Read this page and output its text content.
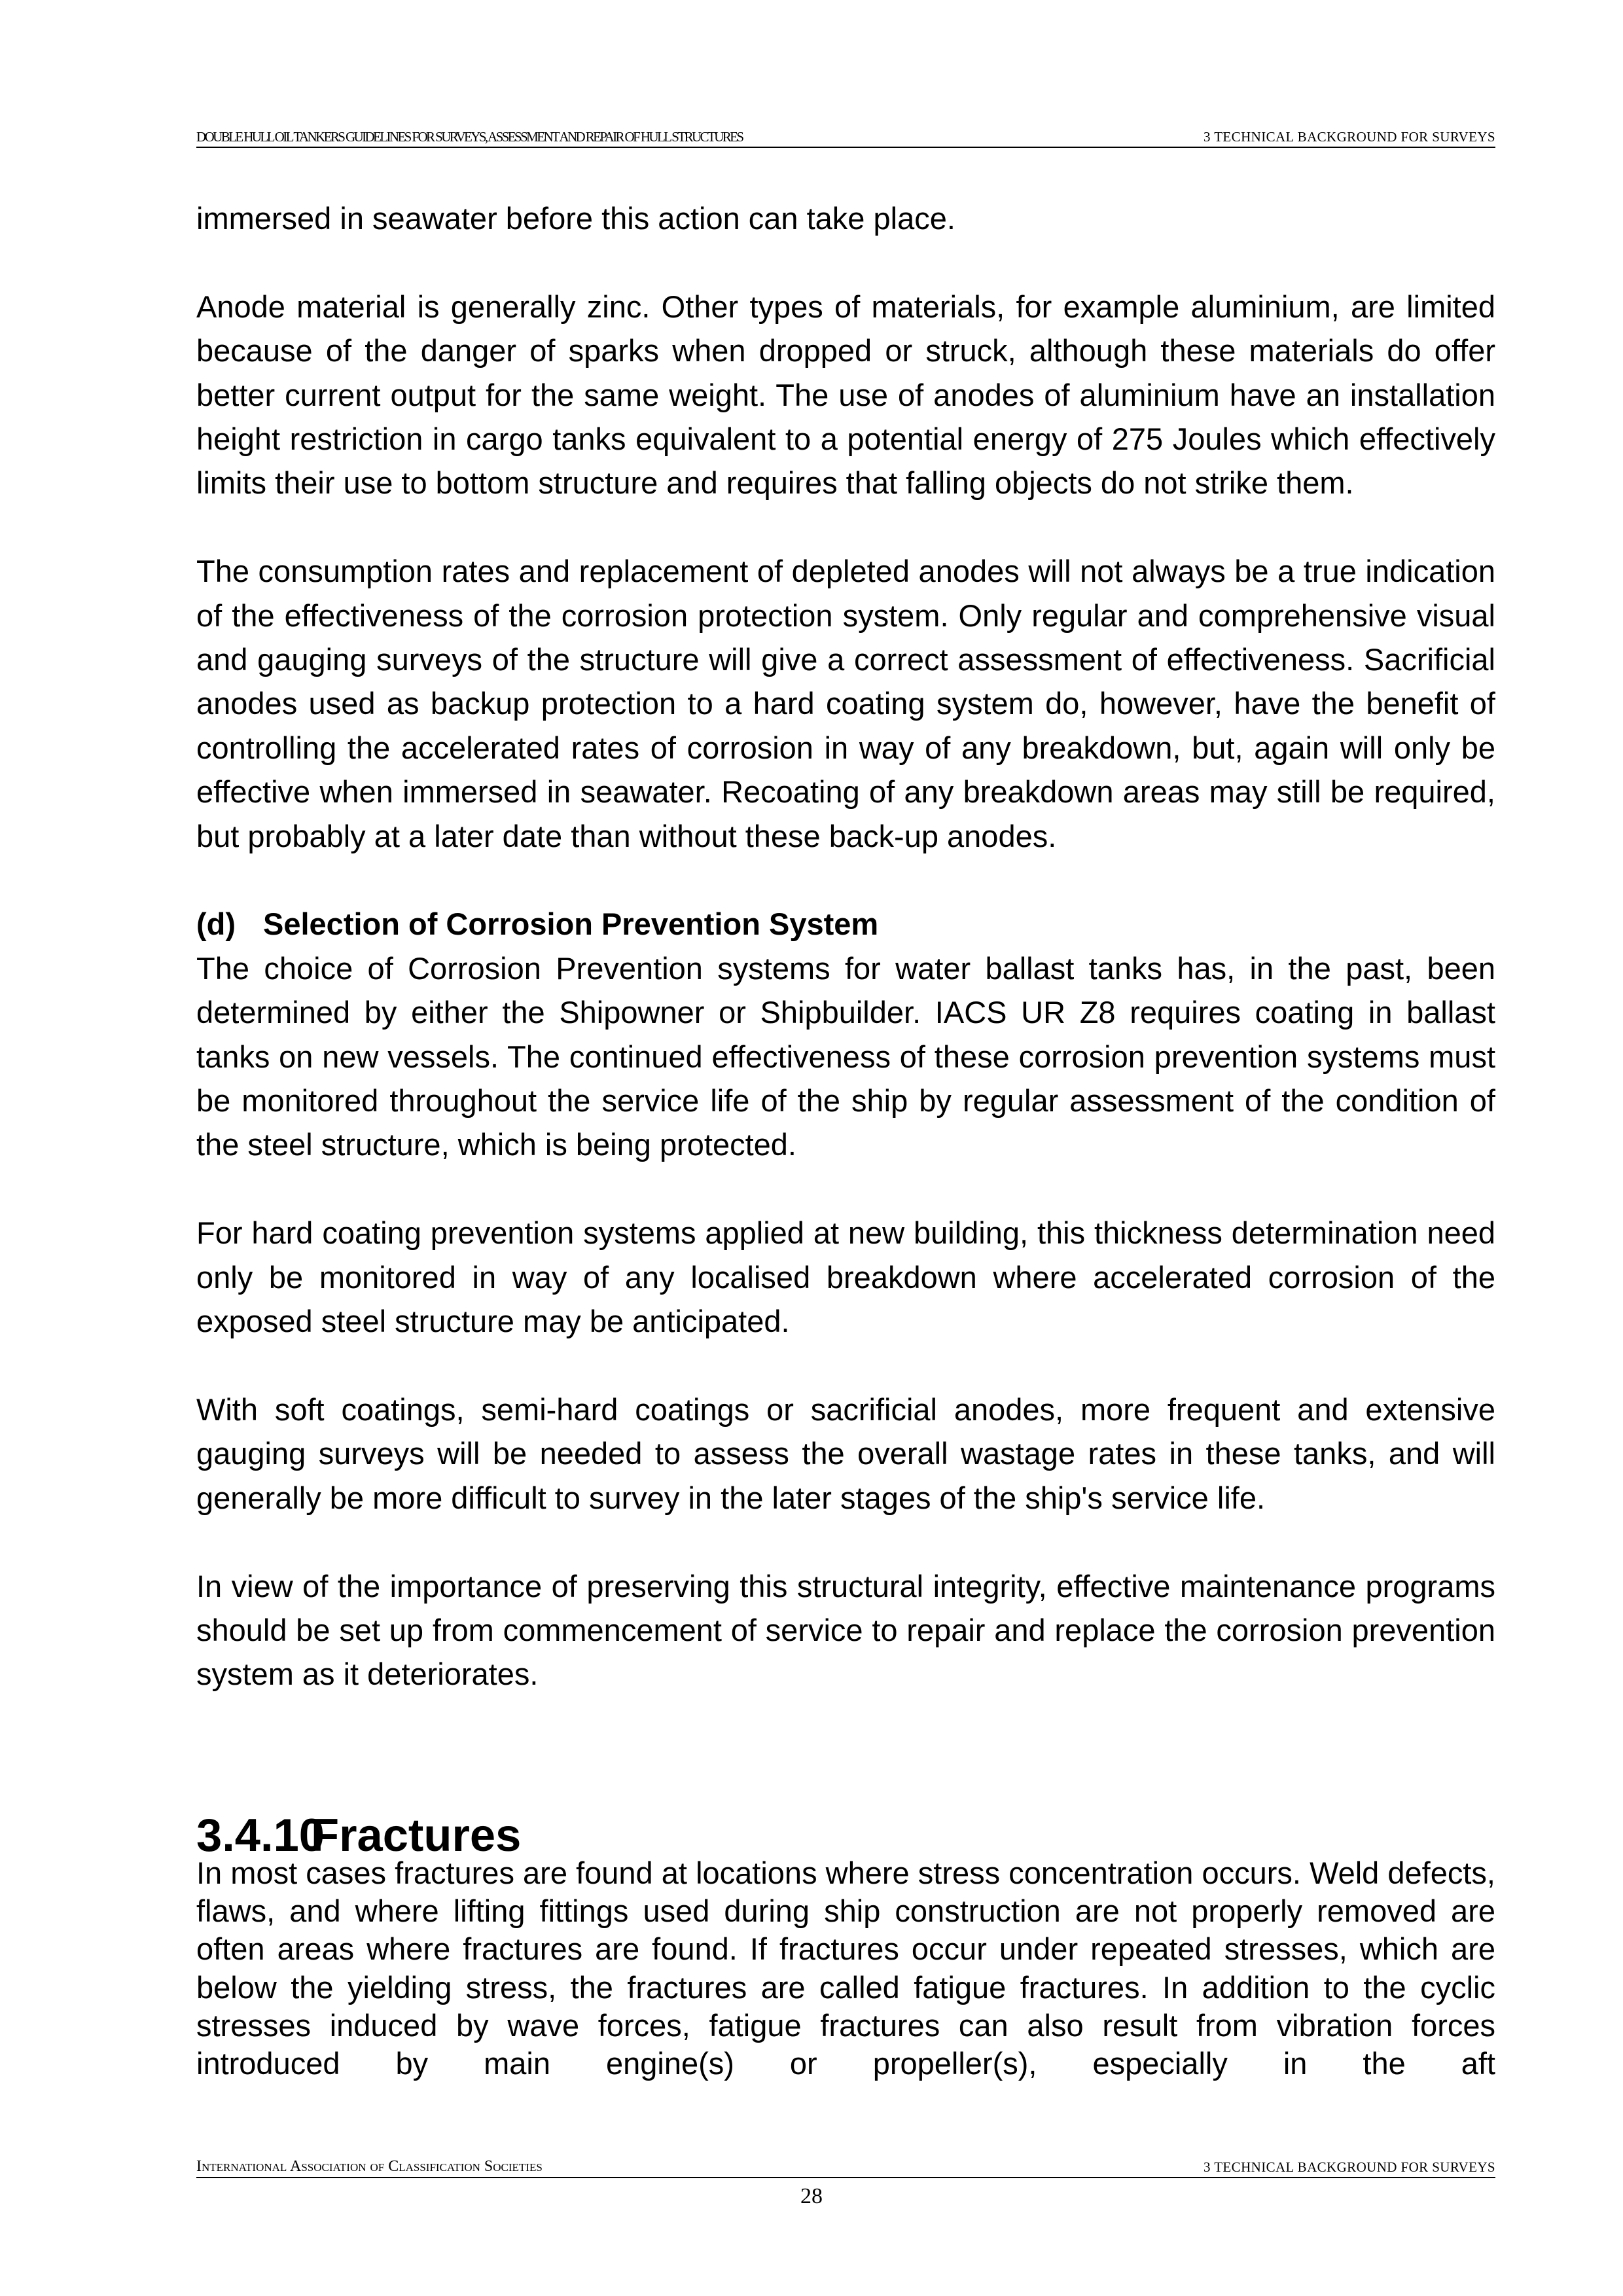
DOUBLE HULL OIL TANKERS GUIDELINES FOR SURVEYS, ASSESSMENT AND REPAIR OF HULL STRUCTURES	3 TECHNICAL BACKGROUND FOR SURVEYS

immersed in seawater before this action can take place.

Anode material is generally zinc. Other types of materials, for example aluminium, are limited because of the danger of sparks when dropped or struck, although these materials do offer better current output for the same weight. The use of anodes of aluminium have an installation height restriction in cargo tanks equivalent to a potential energy of 275 Joules which effectively limits their use to bottom structure and requires that falling objects do not strike them.

The consumption rates and replacement of depleted anodes will not always be a true indication of the effectiveness of the corrosion protection system. Only regular and comprehensive visual and gauging surveys of the structure will give a correct assessment of effectiveness. Sacrificial anodes used as backup protection to a hard coating system do, however, have the benefit of controlling the accelerated rates of corrosion in way of any breakdown, but, again will only be effective when immersed in seawater. Recoating of any breakdown areas may still be required, but probably at a later date than without these back-up anodes.

(d) Selection of Corrosion Prevention System

The choice of Corrosion Prevention systems for water ballast tanks has, in the past, been determined by either the Shipowner or Shipbuilder. IACS UR Z8 requires coating in ballast tanks on new vessels. The continued effectiveness of these corrosion prevention systems must be monitored throughout the service life of the ship by regular assessment of the condition of the steel structure, which is being protected.

For hard coating prevention systems applied at new building, this thickness determination need only be monitored in way of any localised breakdown where accelerated corrosion of the exposed steel structure may be anticipated.

With soft coatings, semi-hard coatings or sacrificial anodes, more frequent and extensive gauging surveys will be needed to assess the overall wastage rates in these tanks, and will generally be more difficult to survey in the later stages of the ship's service life.

In view of the importance of preserving this structural integrity, effective maintenance programs should be set up from commencement of service to repair and replace the corrosion prevention system as it deteriorates.

3.4.10Fractures

In most cases fractures are found at locations where stress concentration occurs. Weld defects, flaws, and where lifting fittings used during ship construction are not properly removed are often areas where fractures are found. If fractures occur under repeated stresses, which are below the yielding stress, the fractures are called fatigue fractures. In addition to the cyclic stresses induced by wave forces, fatigue fractures can also result from vibration forces introduced by main engine(s) or propeller(s), especially in the aft

International Association of Classification Societies	3 TECHNICAL BACKGROUND FOR SURVEYS
28
